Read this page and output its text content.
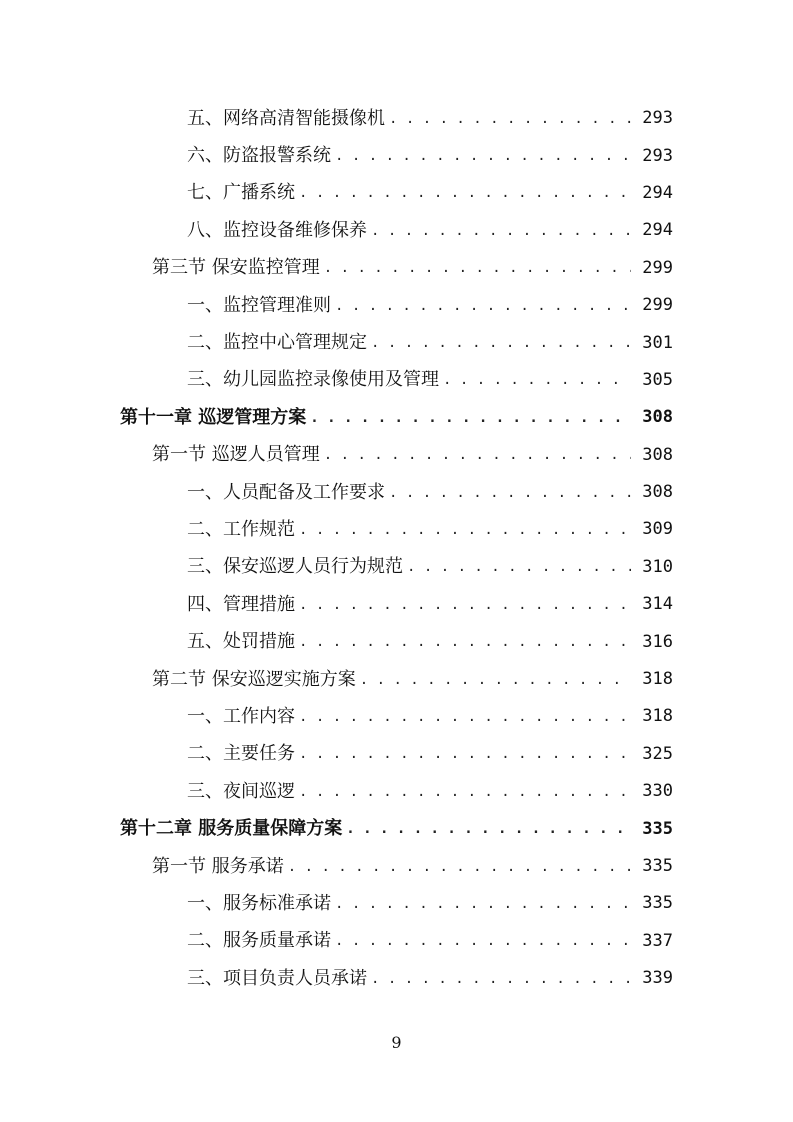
五、网络高清智能摄像机 . . .	293
六、防盗报警系统 . . .	293
七、广播系统 . . .	294
八、监控设备维修保养 . . .	294
第三节 保安监控管理 . . .	299
一、监控管理准则 . . .	299
二、监控中心管理规定 . . .	301
三、幼儿园监控录像使用及管理 . . .	305
第十一章 巡逻管理方案 . . .	308
第一节 巡逻人员管理 . . .	308
一、人员配备及工作要求 . . .	308
二、工作规范 . . .	309
三、保安巡逻人员行为规范 . . .	310
四、管理措施 . . .	314
五、处罚措施 . . .	316
第二节 保安巡逻实施方案 . . .	318
一、工作内容 . . .	318
二、主要任务 . . .	325
三、夜间巡逻 . . .	330
第十二章 服务质量保障方案 . . .	335
第一节 服务承诺 . . .	335
一、服务标准承诺 . . .	335
二、服务质量承诺 . . .	337
三、项目负责人员承诺 . . .	339
9
